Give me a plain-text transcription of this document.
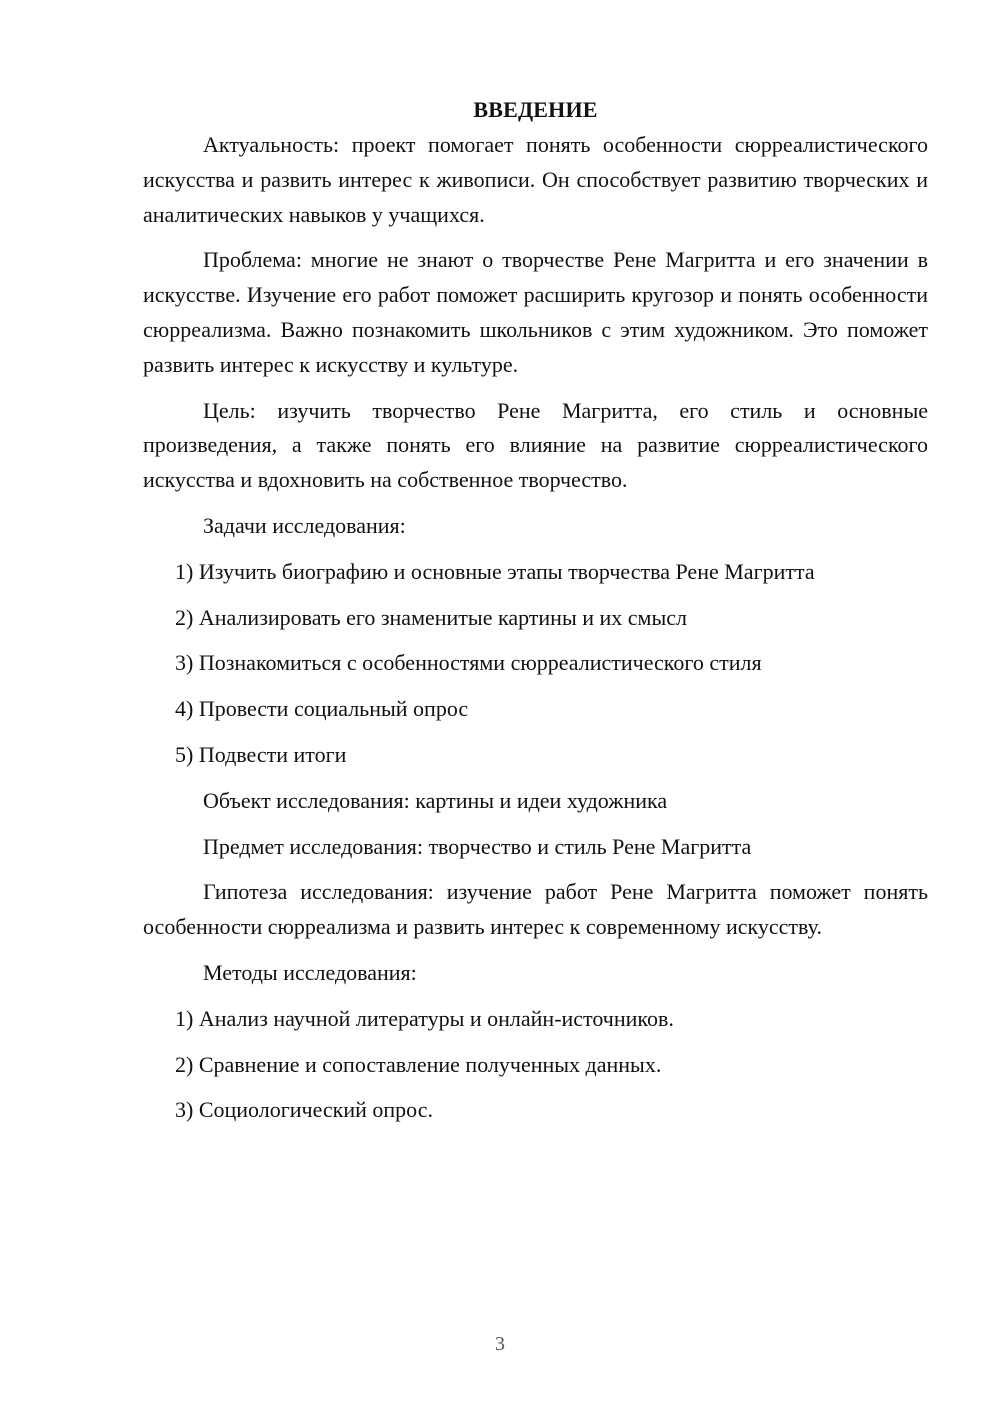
ВВЕДЕНИЕ

Актуальность: проект помогает понять особенности сюрреалистического искусства и развить интерес к живописи. Он способствует развитию творческих и аналитических навыков у учащихся.

Проблема: многие не знают о творчестве Рене Магритта и его значении в искусстве. Изучение его работ поможет расширить кругозор и понять особенности сюрреализма. Важно познакомить школьников с этим художником. Это поможет развить интерес к искусству и культуре.

Цель: изучить творчество Рене Магритта, его стиль и основные произведения, а также понять его влияние на развитие сюрреалистического искусства и вдохновить на собственное творчество.

Задачи исследования:
1) Изучить биографию и основные этапы творчества Рене Магритта
2) Анализировать его знаменитые картины и их смысл
3) Познакомиться с особенностями сюрреалистического стиля
4) Провести социальный опрос
5) Подвести итоги
Объект исследования: картины и идеи художника
Предмет исследования: творчество и стиль Рене Магритта

Гипотеза исследования: изучение работ Рене Магритта поможет понять особенности сюрреализма и развить интерес к современному искусству.

Методы исследования:
1) Анализ научной литературы и онлайн-источников.
2) Сравнение и сопоставление полученных данных.
3) Социологический опрос.
3
